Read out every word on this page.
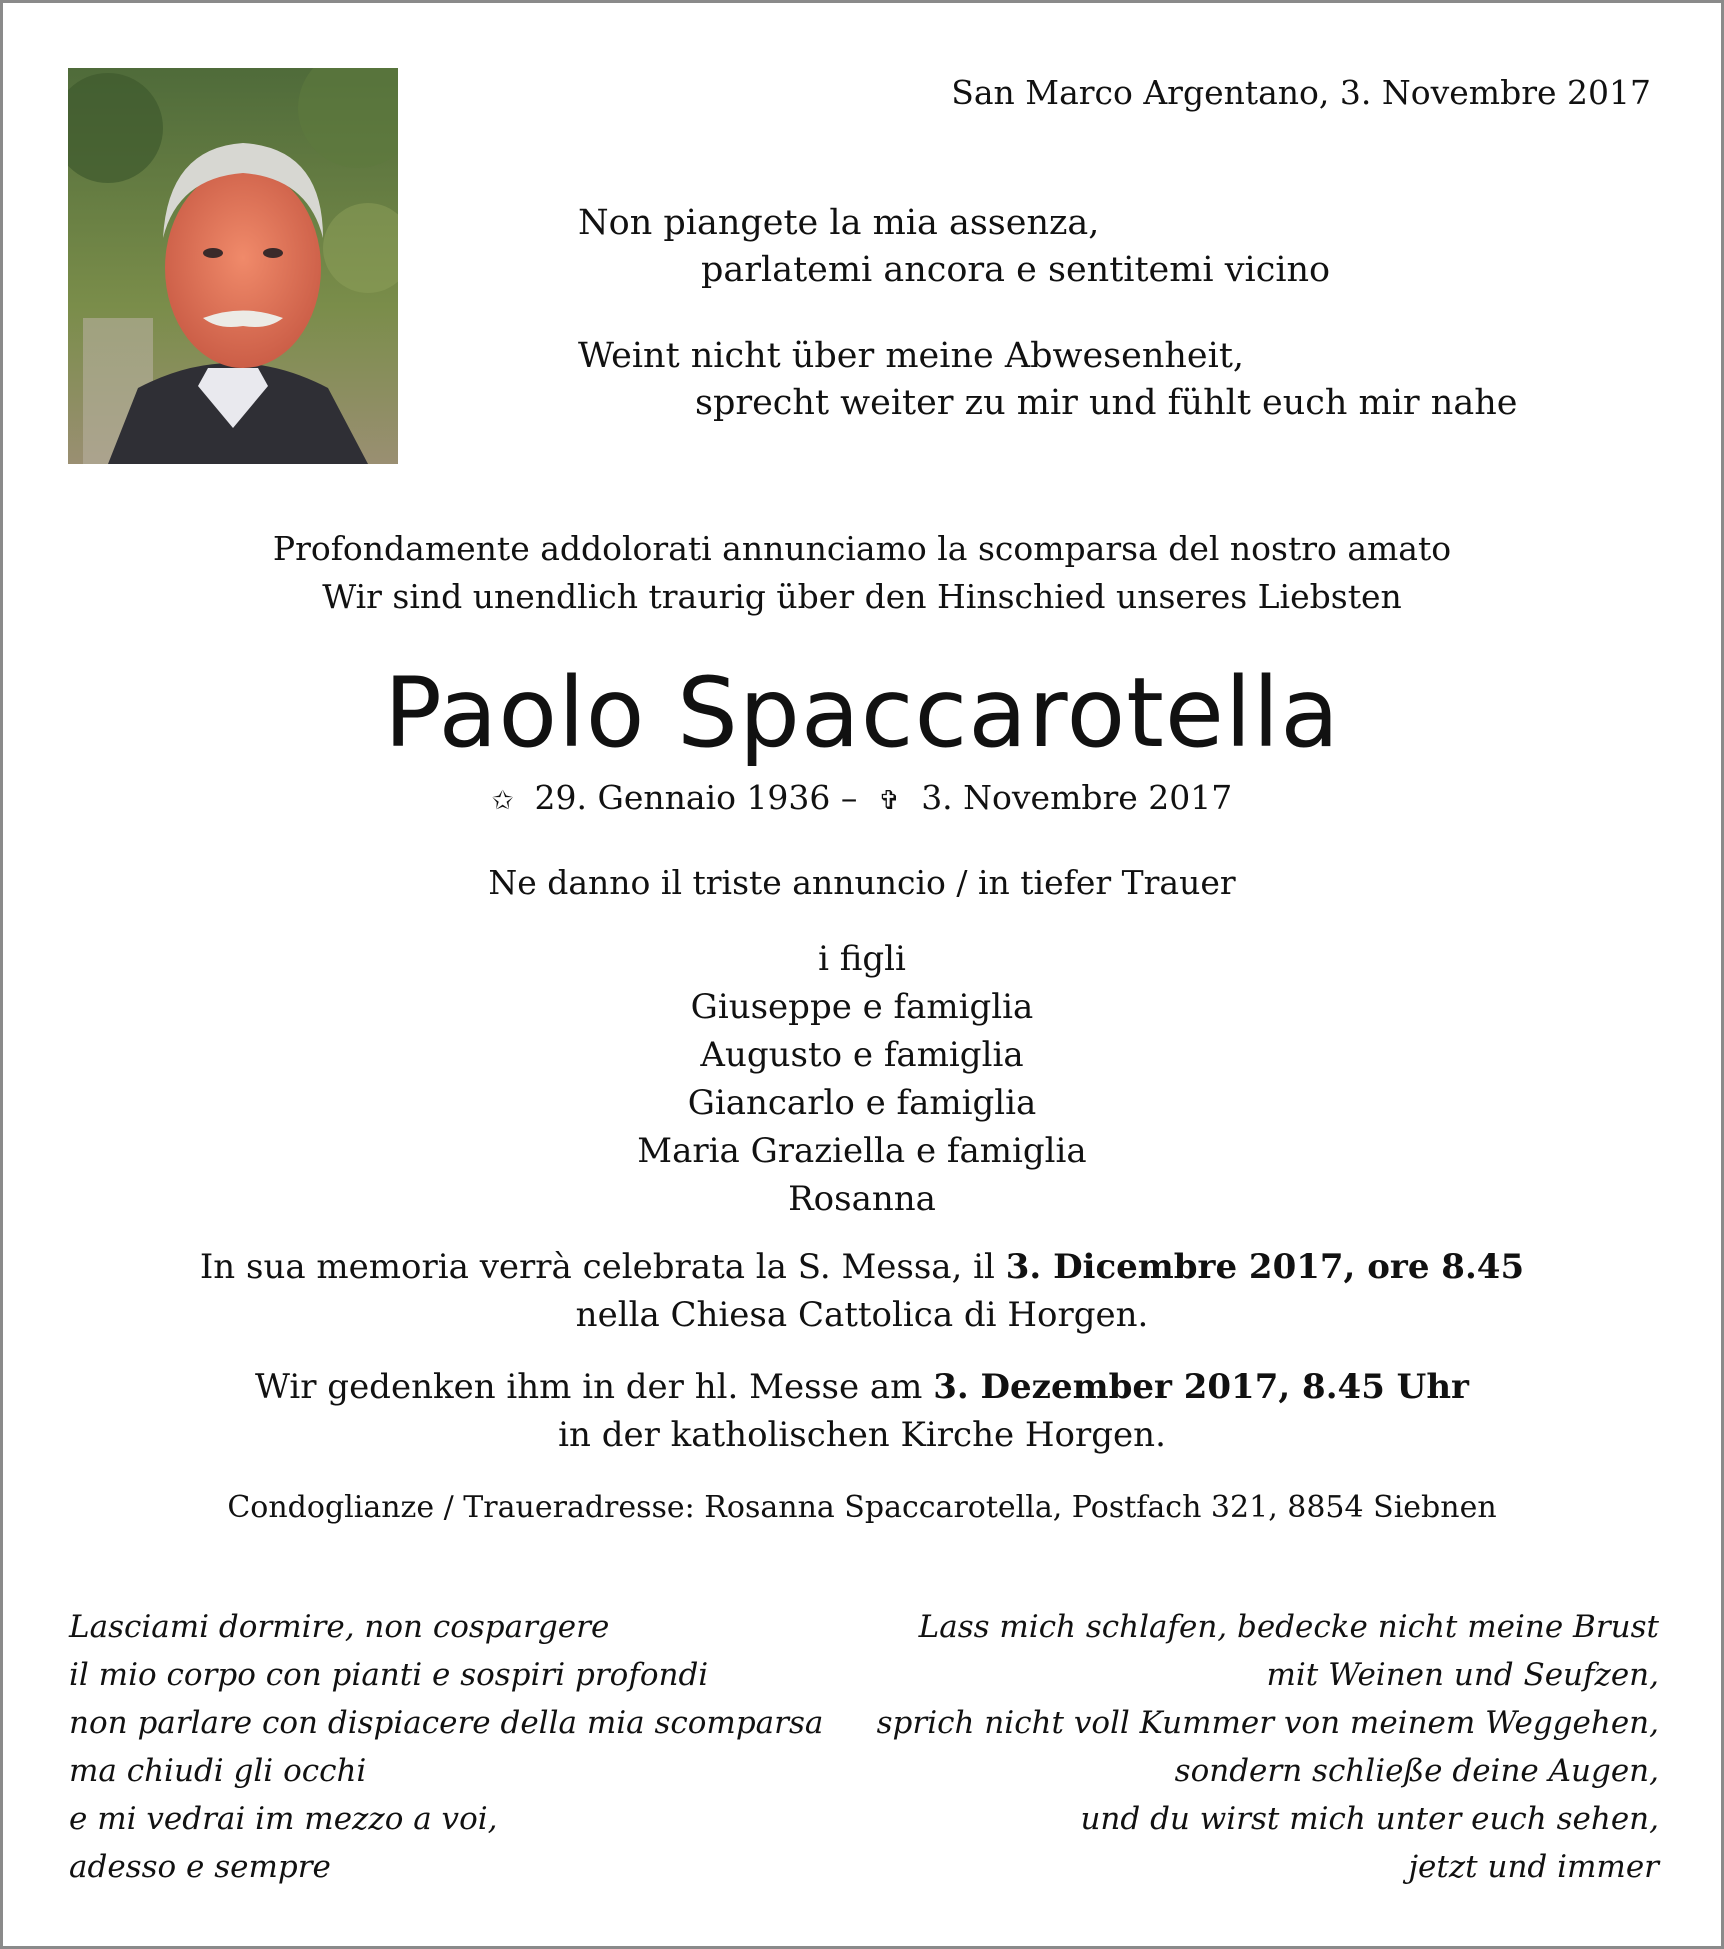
San Marco Argentano, 3. Novembre 2017
Non piangete la mia assenza,
parlatemi ancora e sentitemi vicino
Weint nicht über meine Abwesenheit,
sprecht weiter zu mir und fühlt euch mir nahe
Profondamente addolorati annunciamo la scomparsa del nostro amato
Wir sind unendlich traurig über den Hinschied unseres Liebsten
Paolo Spaccarotella
✩ 29. Gennaio 1936 – ✞ 3. Novembre 2017
Ne danno il triste annuncio / in tiefer Trauer
i figli
Giuseppe e famiglia
Augusto e famiglia
Giancarlo e famiglia
Maria Graziella e famiglia
Rosanna
In sua memoria verrà celebrata la S. Messa, il 3. Dicembre 2017, ore 8.45
nella Chiesa Cattolica di Horgen.
Wir gedenken ihm in der hl. Messe am 3. Dezember 2017, 8.45 Uhr
in der katholischen Kirche Horgen.
Condoglianze / Traueradresse: Rosanna Spaccarotella, Postfach 321, 8854 Siebnen
Lasciami dormire, non cospargere
il mio corpo con pianti e sospiri profondi
non parlare con dispiacere della mia scomparsa
ma chiudi gli occhi
e mi vedrai im mezzo a voi,
adesso e sempre
Lass mich schlafen, bedecke nicht meine Brust
mit Weinen und Seufzen,
sprich nicht voll Kummer von meinem Weggehen,
sondern schließe deine Augen,
und du wirst mich unter euch sehen,
jetzt und immer
